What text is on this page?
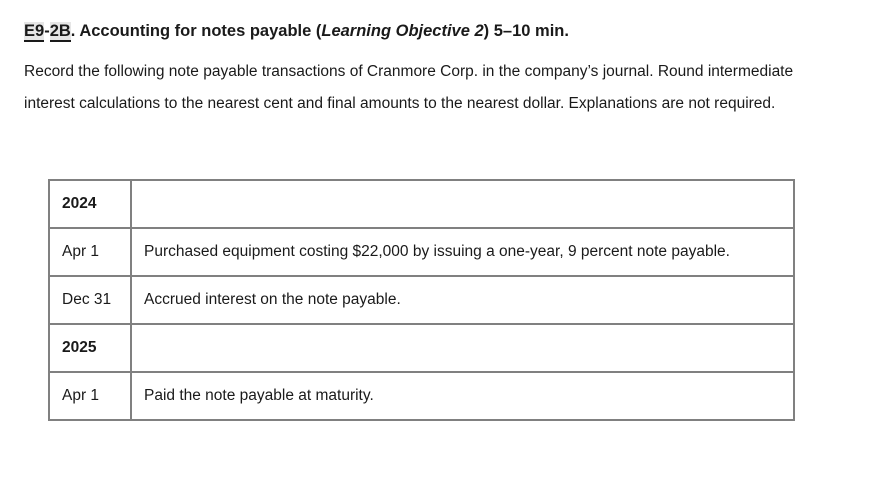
E9-2B. Accounting for notes payable (Learning Objective 2) 5–10 min.
Record the following note payable transactions of Cranmore Corp. in the company’s journal. Round intermediate interest calculations to the nearest cent and final amounts to the nearest dollar. Explanations are not required.
2024	
Apr 1	Purchased equipment costing $22,000 by issuing a one-year, 9 percent note payable.
Dec 31	Accrued interest on the note payable.
2025	
Apr 1	Paid the note payable at maturity.
